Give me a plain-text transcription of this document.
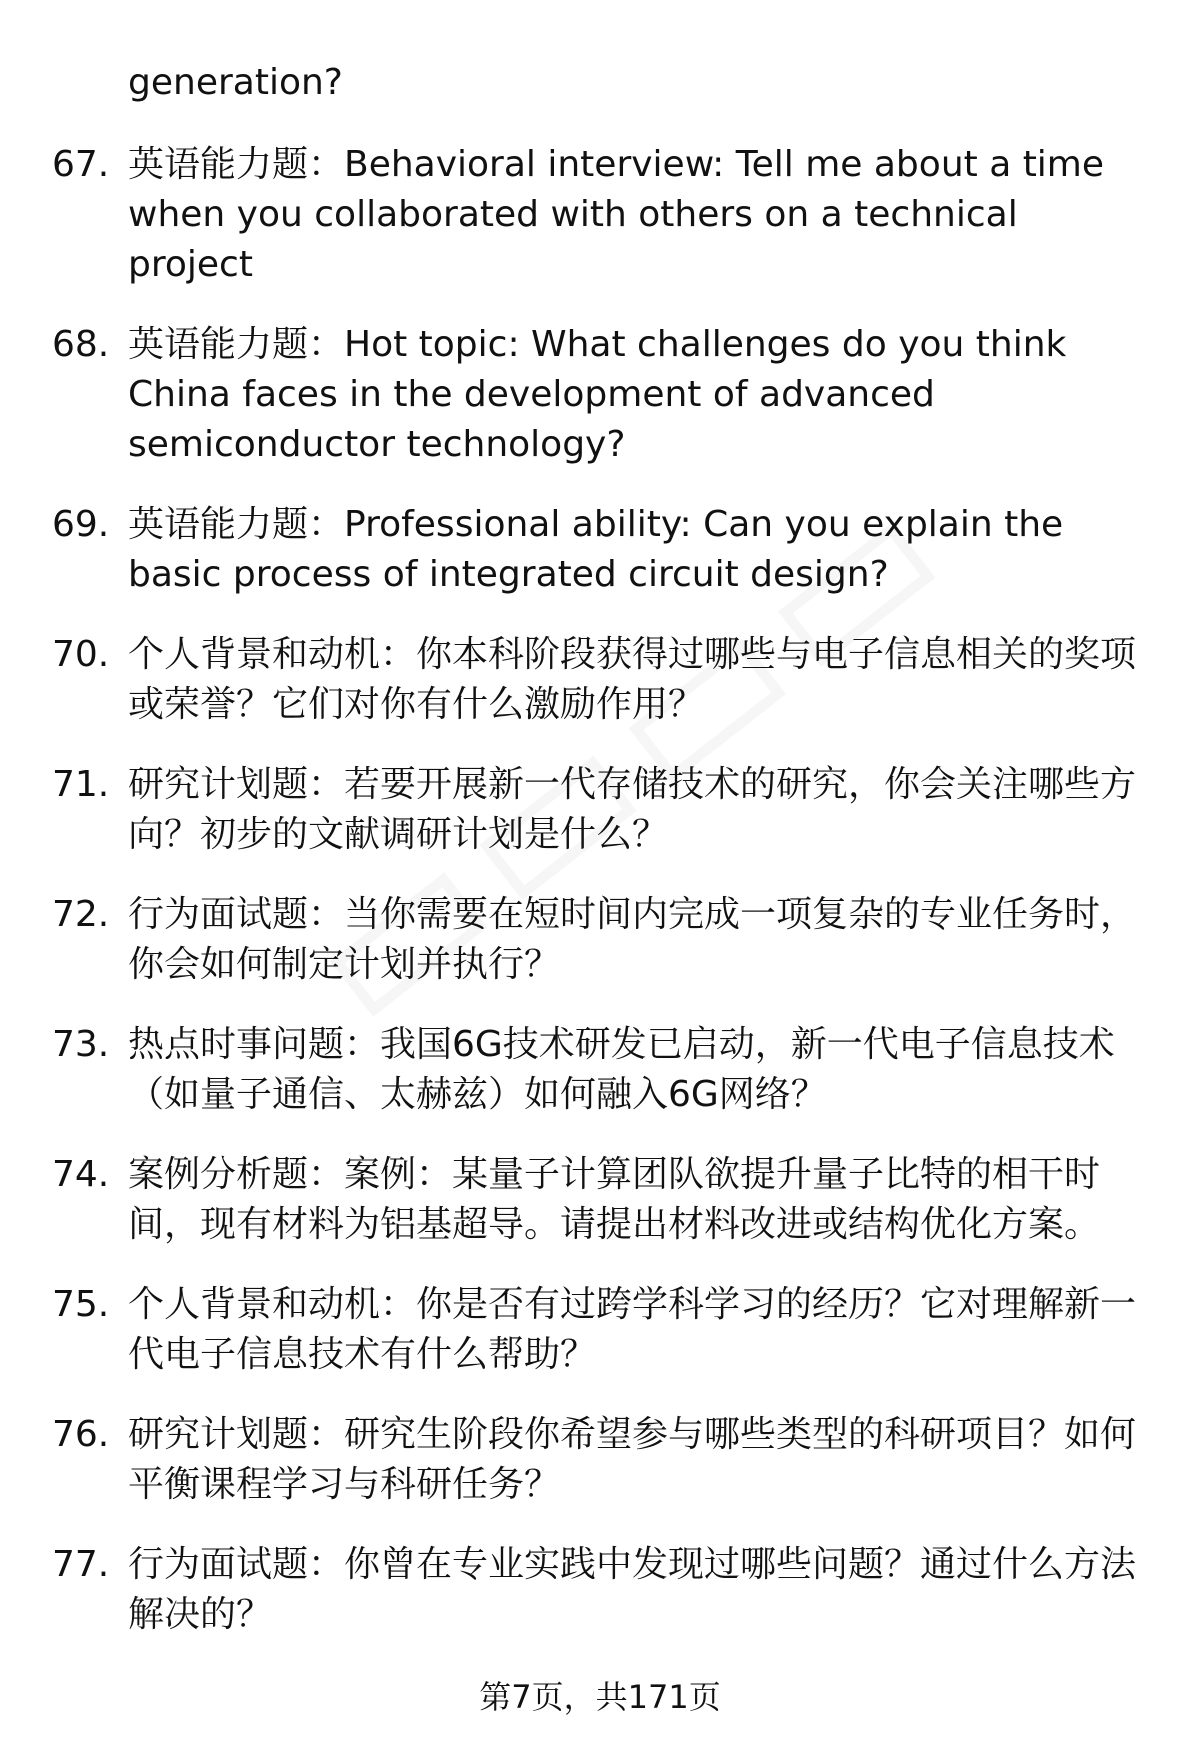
generation?

67. 英语能力题：Behavioral interview: Tell me about a time when you collaborated with others on a technical project
68. 英语能力题：Hot topic: What challenges do you think China faces in the development of advanced semiconductor technology?
69. 英语能力题：Professional ability: Can you explain the basic process of integrated circuit design?
70. 个人背景和动机：你本科阶段获得过哪些与电子信息相关的奖项或荣誉？它们对你有什么激励作用？
71. 研究计划题：若要开展新一代存储技术的研究，你会关注哪些方向？初步的文献调研计划是什么？
72. 行为面试题：当你需要在短时间内完成一项复杂的专业任务时，你会如何制定计划并执行？
73. 热点时事问题：我国6G技术研发已启动，新一代电子信息技术（如量子通信、太赫兹）如何融入6G网络？
74. 案例分析题：案例：某量子计算团队欲提升量子比特的相干时间，现有材料为铝基超导。请提出材料改进或结构优化方案。
75. 个人背景和动机：你是否有过跨学科学习的经历？它对理解新一代电子信息技术有什么帮助？
76. 研究计划题：研究生阶段你希望参与哪些类型的科研项目？如何平衡课程学习与科研任务？
77. 行为面试题：你曾在专业实践中发现过哪些问题？通过什么方法解决的？
第7页，共171页
